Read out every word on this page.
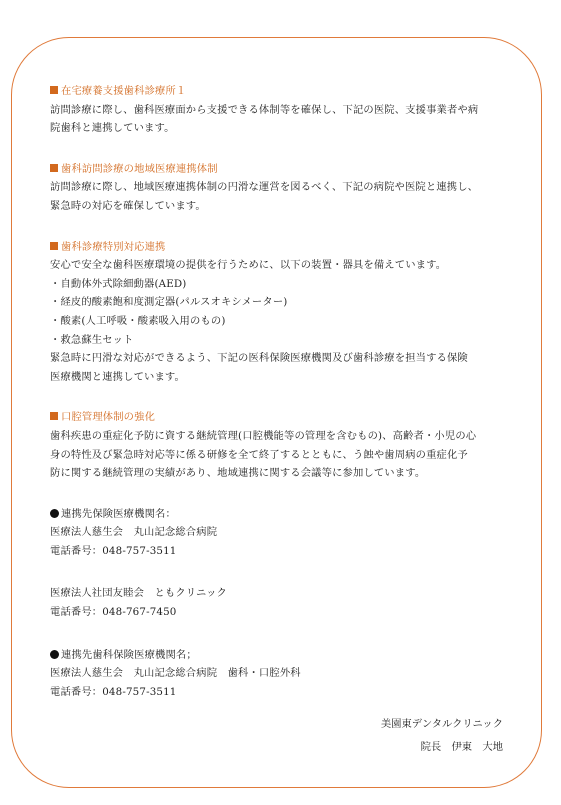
在宅療養支援歯科診療所１
訪問診療に際し、歯科医療面から支援できる体制等を確保し、下記の医院、支援事業者や病
院歯科と連携しています。
歯科訪問診療の地域医療連携体制
訪問診療に際し、地域医療連携体制の円滑な運営を図るべく、下記の病院や医院と連携し、
緊急時の対応を確保しています。
歯科診療特別対応連携
安心で安全な歯科医療環境の提供を行うために、以下の装置・器具を備えています。
・自動体外式除細動器(AED)
・経皮的酸素飽和度測定器(パルスオキシメーター)
・酸素(人工呼吸・酸素吸入用のもの)
・救急蘇生セット
緊急時に円滑な対応ができるよう、下記の医科保険医療機関及び歯科診療を担当する保険
医療機関と連携しています。
口腔管理体制の強化
歯科疾患の重症化予防に資する継続管理(口腔機能等の管理を含むもの)、高齢者・小児の心
身の特性及び緊急時対応等に係る研修を全て終了するとともに、う蝕や歯周病の重症化予
防に関する継続管理の実績があり、地域連携に関する会議等に参加しています。
連携先保険医療機関名：
医療法人慈生会　丸山記念総合病院
電話番号：048-757-3511
医療法人社団友睦会　ともクリニック
電話番号：048-767-7450
連携先歯科保険医療機関名；
医療法人慈生会　丸山記念総合病院　歯科・口腔外科
電話番号：048-757-3511
美園東デンタルクリニック
院長　伊東　大地
